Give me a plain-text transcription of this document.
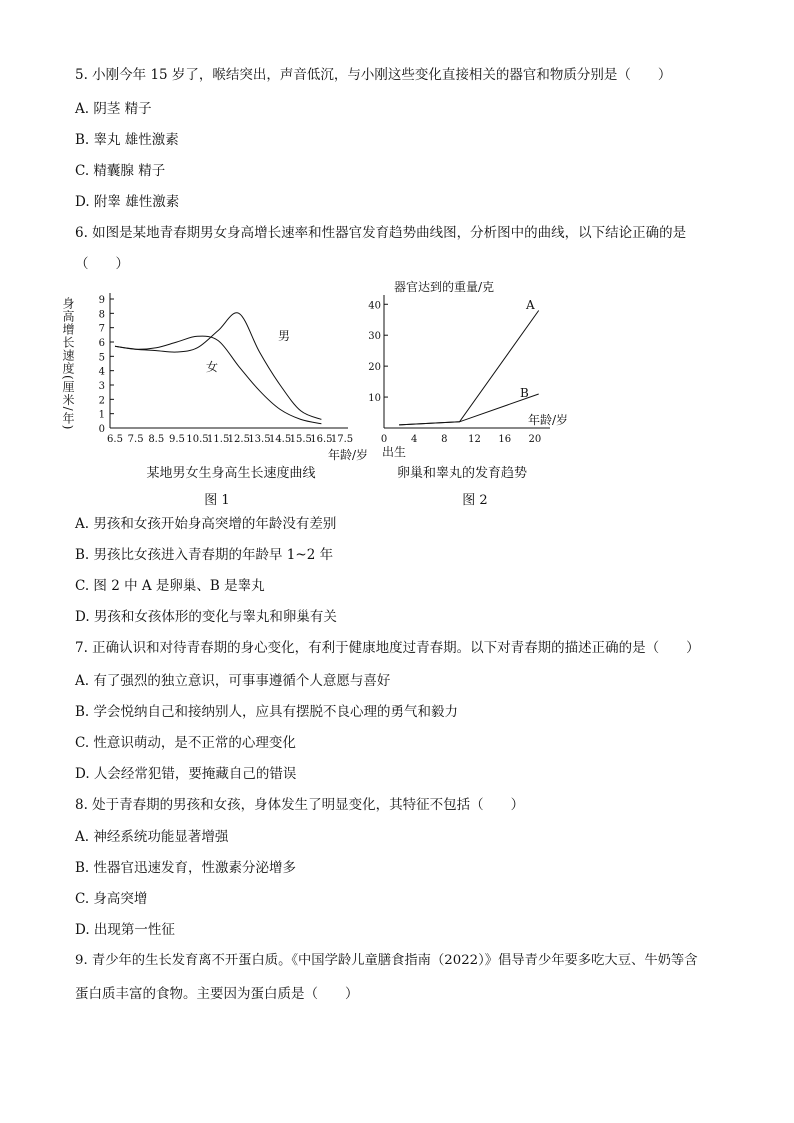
5. 小刚今年 15 岁了，喉结突出，声音低沉，与小刚这些变化直接相关的器官和物质分别是（　　）
A. 阴茎 精子
B. 睾丸 雄性激素
C. 精囊腺 精子
D. 附睾 雄性激素
6. 如图是某地青春期男女身高增长速率和性器官发育趋势曲线图，分析图中的曲线，以下结论正确的是
（　　）
身高增长速度(厘米/年) 0
1
2
3
4
5
6
7
8
9
6.5 7.5 8.5 9.5 10.5
11.5
12.5
13.5
14.5
15.5
16.5
17.5
男
女
年龄/岁
某地男女生身高生长速度曲线
图 1
器官达到的重量/克
10
20
30
40
0 4 8 12 16 20
A
B
年龄/岁
出生
卵巢和睾丸的发育趋势
图 2
A. 男孩和女孩开始身高突增的年龄没有差别
B. 男孩比女孩进入青春期的年龄早 1~2 年
C. 图 2 中 A 是卵巢、B 是睾丸
D. 男孩和女孩体形的变化与睾丸和卵巢有关
7. 正确认识和对待青春期的身心变化，有利于健康地度过青春期。以下对青春期的描述正确的是（　　）
A. 有了强烈的独立意识，可事事遵循个人意愿与喜好
B. 学会悦纳自己和接纳别人，应具有摆脱不良心理的勇气和毅力
C. 性意识萌动，是不正常的心理变化
D. 人会经常犯错，要掩藏自己的错误
8. 处于青春期的男孩和女孩，身体发生了明显变化，其特征不包括（　　）
A. 神经系统功能显著增强
B. 性器官迅速发育，性激素分泌增多
C. 身高突增
D. 出现第一性征
9. 青少年的生长发育离不开蛋白质。《中国学龄儿童膳食指南（2022）》倡导青少年要多吃大豆、牛奶等含
蛋白质丰富的食物。主要因为蛋白质是（　　）
